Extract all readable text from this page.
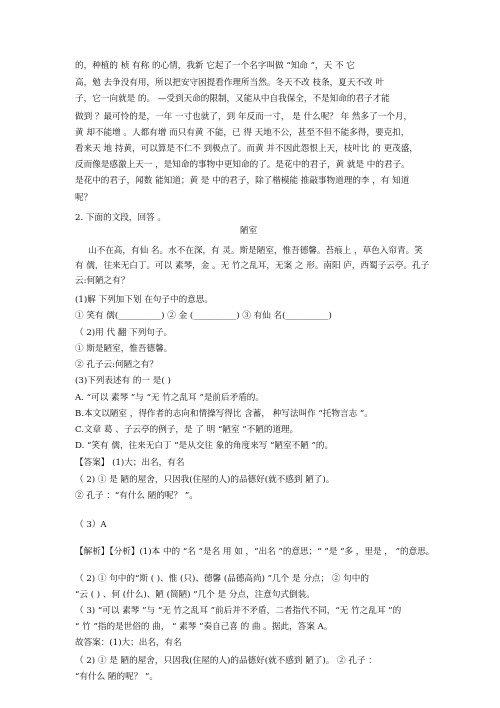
的，种植的 桢 有称 的心情，我新 它起了一个名字叫做 “知命 ”，天 不 它
高，勉 去争没有用，所以把安守困提看作理所当然。冬天不改 枝条，夏天不改 叶
子，它一向就是 的。 —受到天命的限制，又能从中自我保全，不是知命的君子才能
做到 ？最可怜的是，一年 一寸也就了，到 年反而一寸， 是 什么呢？ 年 然多了一个月，
黄 却不能增 。人都有增 而只有黄 不能，已 得 天地不公，甚至不但不能多得，要克扣，
看来天 地 持黄，可以算是不仁不 到极点了。而黄 并不因此怨恨上天，枝叶比 的 更茂盛，
反而像是感激上天一 ，是知命的事物中更知命的了。是花中的君子，黄 就是 中的君子。
是花中的君子，闻数 能知道；黄 是 中的君子，除了楷模能 推敲事物道理的李 ，有 知道
呢？
2. 下面的文段，回答 。
陋室
山不在高，有仙 名。水不在深，有 灵。斯是陋室，惟吾德馨。苔痕上 ，草色入帘青。笑
有 儒，往来无白丁。可以 素琴，金 。无 竹之乱耳，无案 之 形。南阳 庐，西蜀子云亭。孔子
云:何陋之有？
(1)解 下列加下划 在句子中的意思。
① 笑有 儒(__________) ② 金 (__________) ③ 有仙 名(__________)
（ 2)用 代 翻 下列句子。
① 斯是陋室，惟吾德馨。
② 孔子云:何陋之有？
(3)下列表述有 的一 是( )
A. “可以 素琴 ”与 “无 竹之乱耳 ”是前后矛盾的。
B.本文以陋室 ，得作者的志向和情操写得比 含蓄， 种写法叫作 “托物言志 ”。
C.文章 葛 、子云亭的例子，是 了 明 “陋室 ”不陋的道理。
D. “笑有 儒，往来无白丁 ”是从交往 象的角度来写 “陋室不陋 ”的。
【答案】 (1)大；出名，有名
（ 2) ① 是 陋的屋舍，只因我(住屋的人)的品德好(就不感到 陋了)。
② 孔子 ：“有什么 陋的呢？ ”。
（ 3）A
【解析】【分析】(1)本 中的 “名 ”是名 用 如 ，“出名 ”的意思；“ ”是 “多 ，里是 ， ”的意思。
（ 2) ① 句中的“斯 ( )、惟 (只)、德馨 (品德高尚) ”几个 是 分点； ② 句中的
“云 ( ) 、何 (什么)、陋 (简陋) ”几个 是 分点，注意句式倒装。
（ 3) “可以 素琴 ”与 “无 竹之乱耳 ”前后并不矛盾，二者指代不同，“无 竹之乱耳 ”的
“ 竹 ”指的是世俗的 曲， “ 素琴 ”奏自己喜 的 曲 。据此，答案 A。
故答案：(1)大；出名，有名
（ 2) ① 是 陋的屋舍，只因我(住屋的人)的品德好(就不感到 陋了)。 ② 孔子 ：
“有什么 陋的呢？ ”。
